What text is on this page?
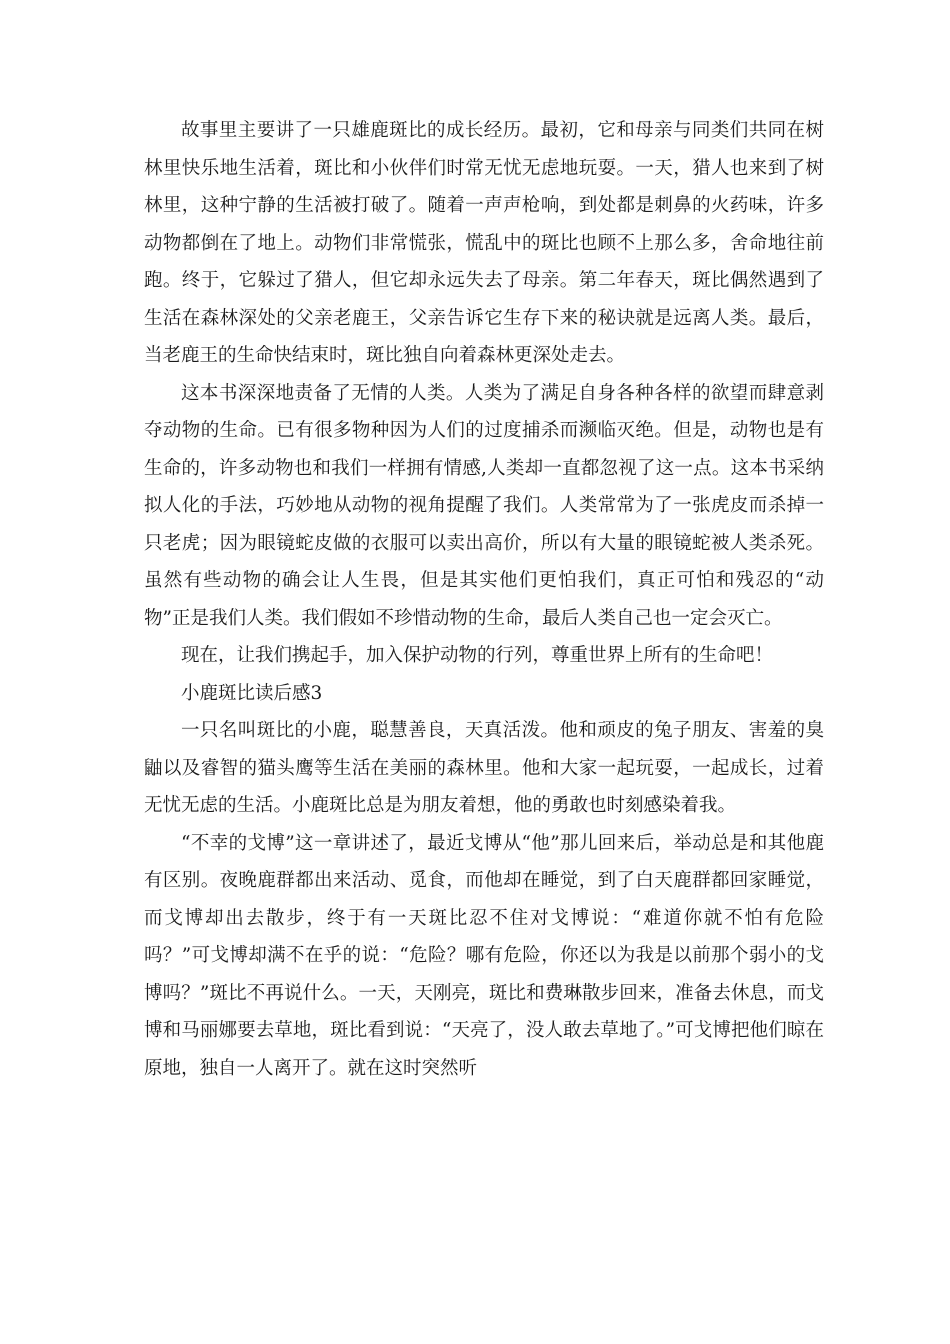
故事里主要讲了一只雄鹿斑比的成长经历。最初，它和母亲与同类们共同在树林里快乐地生活着，斑比和小伙伴们时常无忧无虑地玩耍。一天，猎人也来到了树林里，这种宁静的生活被打破了。随着一声声枪响，到处都是刺鼻的火药味，许多动物都倒在了地上。动物们非常慌张，慌乱中的斑比也顾不上那么多，舍命地往前跑。终于，它躲过了猎人，但它却永远失去了母亲。第二年春天，斑比偶然遇到了生活在森林深处的父亲老鹿王，父亲告诉它生存下来的秘诀就是远离人类。最后，当老鹿王的生命快结束时，斑比独自向着森林更深处走去。

这本书深深地责备了无情的人类。人类为了满足自身各种各样的欲望而肆意剥夺动物的生命。已有很多物种因为人们的过度捕杀而濒临灭绝。但是，动物也是有生命的，许多动物也和我们一样拥有情感,人类却一直都忽视了这一点。这本书采纳拟人化的手法，巧妙地从动物的视角提醒了我们。人类常常为了一张虎皮而杀掉一只老虎；因为眼镜蛇皮做的衣服可以卖出高价，所以有大量的眼镜蛇被人类杀死。虽然有些动物的确会让人生畏，但是其实他们更怕我们，真正可怕和残忍的“动物”正是我们人类。我们假如不珍惜动物的生命，最后人类自己也一定会灭亡。

现在，让我们携起手，加入保护动物的行列，尊重世界上所有的生命吧！

小鹿斑比读后感3

一只名叫斑比的小鹿，聪慧善良，天真活泼。他和顽皮的兔子朋友、害羞的臭鼬以及睿智的猫头鹰等生活在美丽的森林里。他和大家一起玩耍，一起成长，过着无忧无虑的生活。小鹿斑比总是为朋友着想，他的勇敢也时刻感染着我。

“不幸的戈博”这一章讲述了，最近戈博从“他”那儿回来后，举动总是和其他鹿有区别。夜晚鹿群都出来活动、觅食，而他却在睡觉，到了白天鹿群都回家睡觉，而戈博却出去散步，终于有一天斑比忍不住对戈博说：“难道你就不怕有危险吗？”可戈博却满不在乎的说：“危险？哪有危险，你还以为我是以前那个弱小的戈博吗？”斑比不再说什么。一天，天刚亮，斑比和费琳散步回来，准备去休息，而戈博和马丽娜要去草地，斑比看到说：“天亮了，没人敢去草地了。”可戈博把他们晾在原地，独自一人离开了。就在这时突然听
